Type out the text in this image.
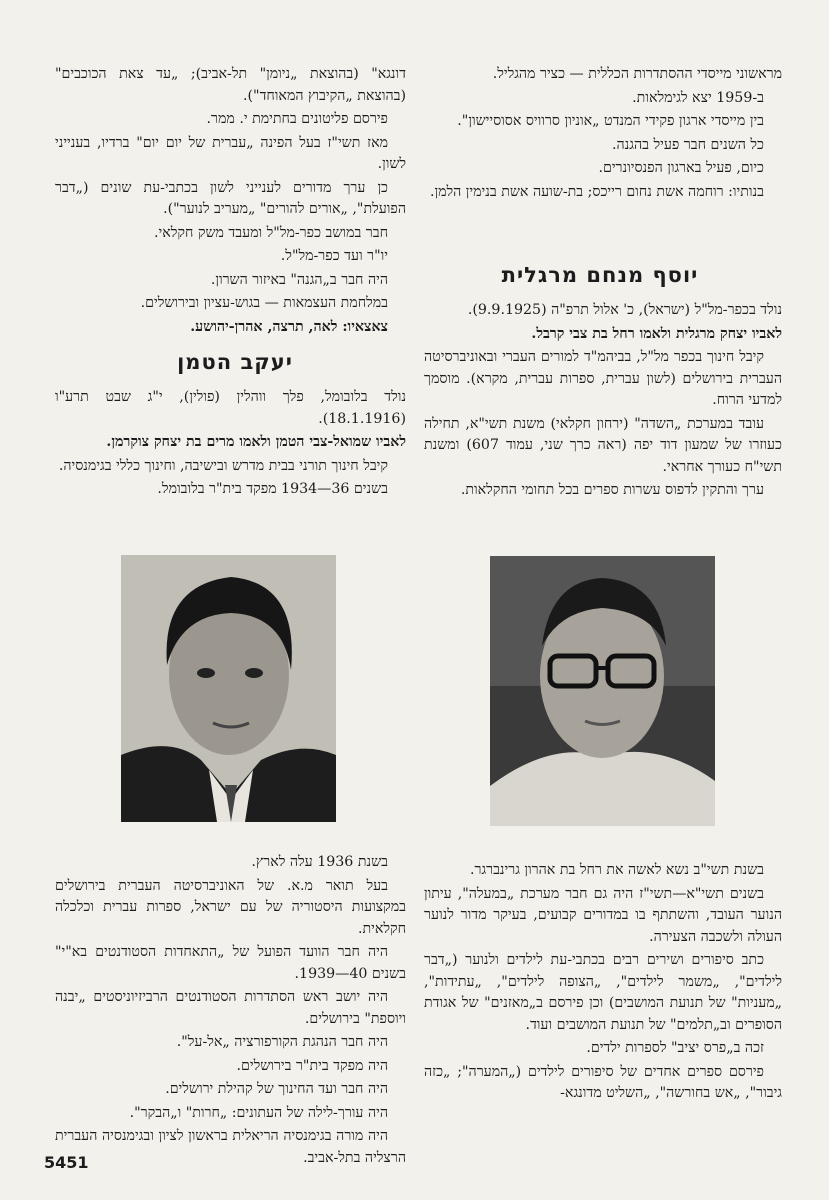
מראשוני מייסדי ההסתדרות הכללית — כציר מהגליל.

ב-1959 יצא לגימלאות.

בין מייסדי ארגון פקידי המנדט „אוניון סרוויס אסוסיישון".

כל השנים חבר פעיל בהגנה.

כיום, פעיל בארגון הפנסיונרים.

בנותיו: רוחמה אשת נחום רייכס; בת-שועה אשת בנימין הלמן.

יוסף מנחם מרגלית

נולד בכפר-מל"ל (ישראל), כ' אלול תרפ"ה (9.9.1925).

לאביו יצחק מרגלית ולאמו רחל בת צבי קרבל.

קיבל חינוך בכפר מל"ל, בביהמ"ד למורים העברי ובאוניברסיטה העברית בירושלים (לשון עברית, ספרות עברית, מקרא). מוסמך למדעי הרוח.

עובד במערכת „השדה" (ירחון חקלאי) משנת תשי"א, תחילה כעוזרו של שמעון דוד יפה (ראה כרך שני, עמוד 607) ומשנת תשי"ח כעורך אחראי.

ערך והתקין לדפוס עשרות ספרים בכל תחומי החקלאות.

בשנת תשי"ב נשא לאשה את רחל בת אהרון גרינברגר.

בשנים תשי"א—תשי"ז היה גם חבר מערכת „במעלה", עיתון הנוער העובד, והשתתף בו במדורים קבועים, בעיקר מדור לנוער העולה ולשכבה הצעירה.

כתב סיפורים ושירים רבים בכתבי-עת לילדים ולנוער („דבר לילדים", „משמר לילדים", „הצופה לילדים", „עתידות", „מעניות" של תנועת המושבים) וכן פירסם ב„מאזנים" של אגודת הסופרים וב„תלמים" של תנועת המושבים ועוד.

זכה ב„פרס יציב" לספרות ילדים.

פירסם ספרים אחדים של סיפורים לילדים („המערה"; „כזה גיבור", „אש בחורשה", „השליט מדונגא-

דונגא" (בהוצאת „ניומן" תל-אביב); „עד צאת הכוכבים" (בהוצאת „הקיבוץ המאוחד").

פירסם פליטונים בחתימת י. ממר.

מאז תשי"ז בעל הפינה „עברית של יום יום" ברדיו, בענייני לשון.

כן ערך מדורים לענייני לשון בכתבי-עת שונים („דבר הפועלת", „אורים להורים" „מעריב לנוער").

חבר במושב כפר-מל"ל ומעבד משק חקלאי.

יו"ר ועד כפר-מל"ל.

היה חבר ב„הגנה" באיזור השרון.

במלחמת העצמאות — בגוש-עציון ובירושלים.

צאצאיו: לאה, תרצה, אהרן-יהושע.

יעקב הטמן

נולד בלובומל, פלך ווהלין (פולין), י"ג שבט תרע"ו (18.1.1916).

לאביו שמואל-צבי הטמן ולאמו מרים בת יצחק צוקרמן.

קיבל חינוך תורני בבית מדרש ובישיבה, וחינוך כללי בגימנסיה.

בשנים 36—1934 מפקד בית"ר בלובומל.

בשנת 1936 עלה לארץ.

בעל תואר מ.א. של האוניברסיטה העברית בירושלים במקצועות היסטוריה של עם ישראל, ספרות עברית וכלכלה חקלאית.

היה חבר הוועד הפועל של „התאחדות הסטודנטים בא"י" בשנים 40—1939.

היה יושב ראש הסתדרות הסטודנטים הרביזיוניסטים „יבנה ויוספת" בירושלים.

היה חבר הנהגת הקורפורציה „אל-על".

היה מפקד בית"ר בירושלים.

היה חבר ועד החינוך של קהילת ירושלים.

היה עורך-לילה של העתונים: „חרות" ו„הבקר".

היה מורה בגימנסיה הריאלית בראשון לציון ובגימנסיה העברית הרצליה בתל-אביב.

5451
